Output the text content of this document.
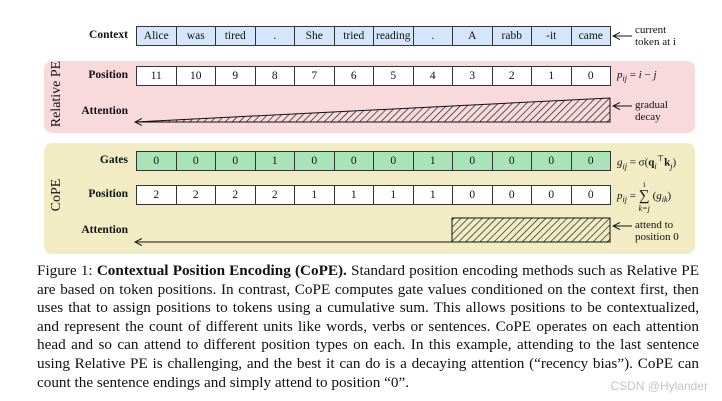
Relative PE
CoPE
Context
Position
Attention
Gates
Position
Attention
Alice	was	tired	.	She	tried	reading	.	A	rabb	-it	came
11	10	9	8	7	6	5	4	3	2	1	0
0	0	0	1	0	0	0	1	0	0	0	0
2	2	2	2	1	1	1	1	0	0	0	0
current
token at i
gradual
decay
attend to
position 0
$p_{ij} = i - j$
$g_{ij} = \sigma(q_i^⊤k_j)$
$p_{ij}$ =
i
∑
k=j
$(g_{ik})$
Figure 1: Contextual Position Encoding (CoPE). Standard position encoding methods such as Relative PE are based on token positions. In contrast, CoPE computes gate values conditioned on the context first, then uses that to assign positions to tokens using a cumulative sum. This allows positions to be contextualized, and represent the count of different units like words, verbs or sentences. CoPE operates on each attention head and so can attend to different position types on each. In this example, attending to the last sentence using Relative PE is challenging, and the best it can do is a decaying attention (“recency bias”). CoPE can count the sentence endings and simply attend to position “0”.	CSDN @Hylander
